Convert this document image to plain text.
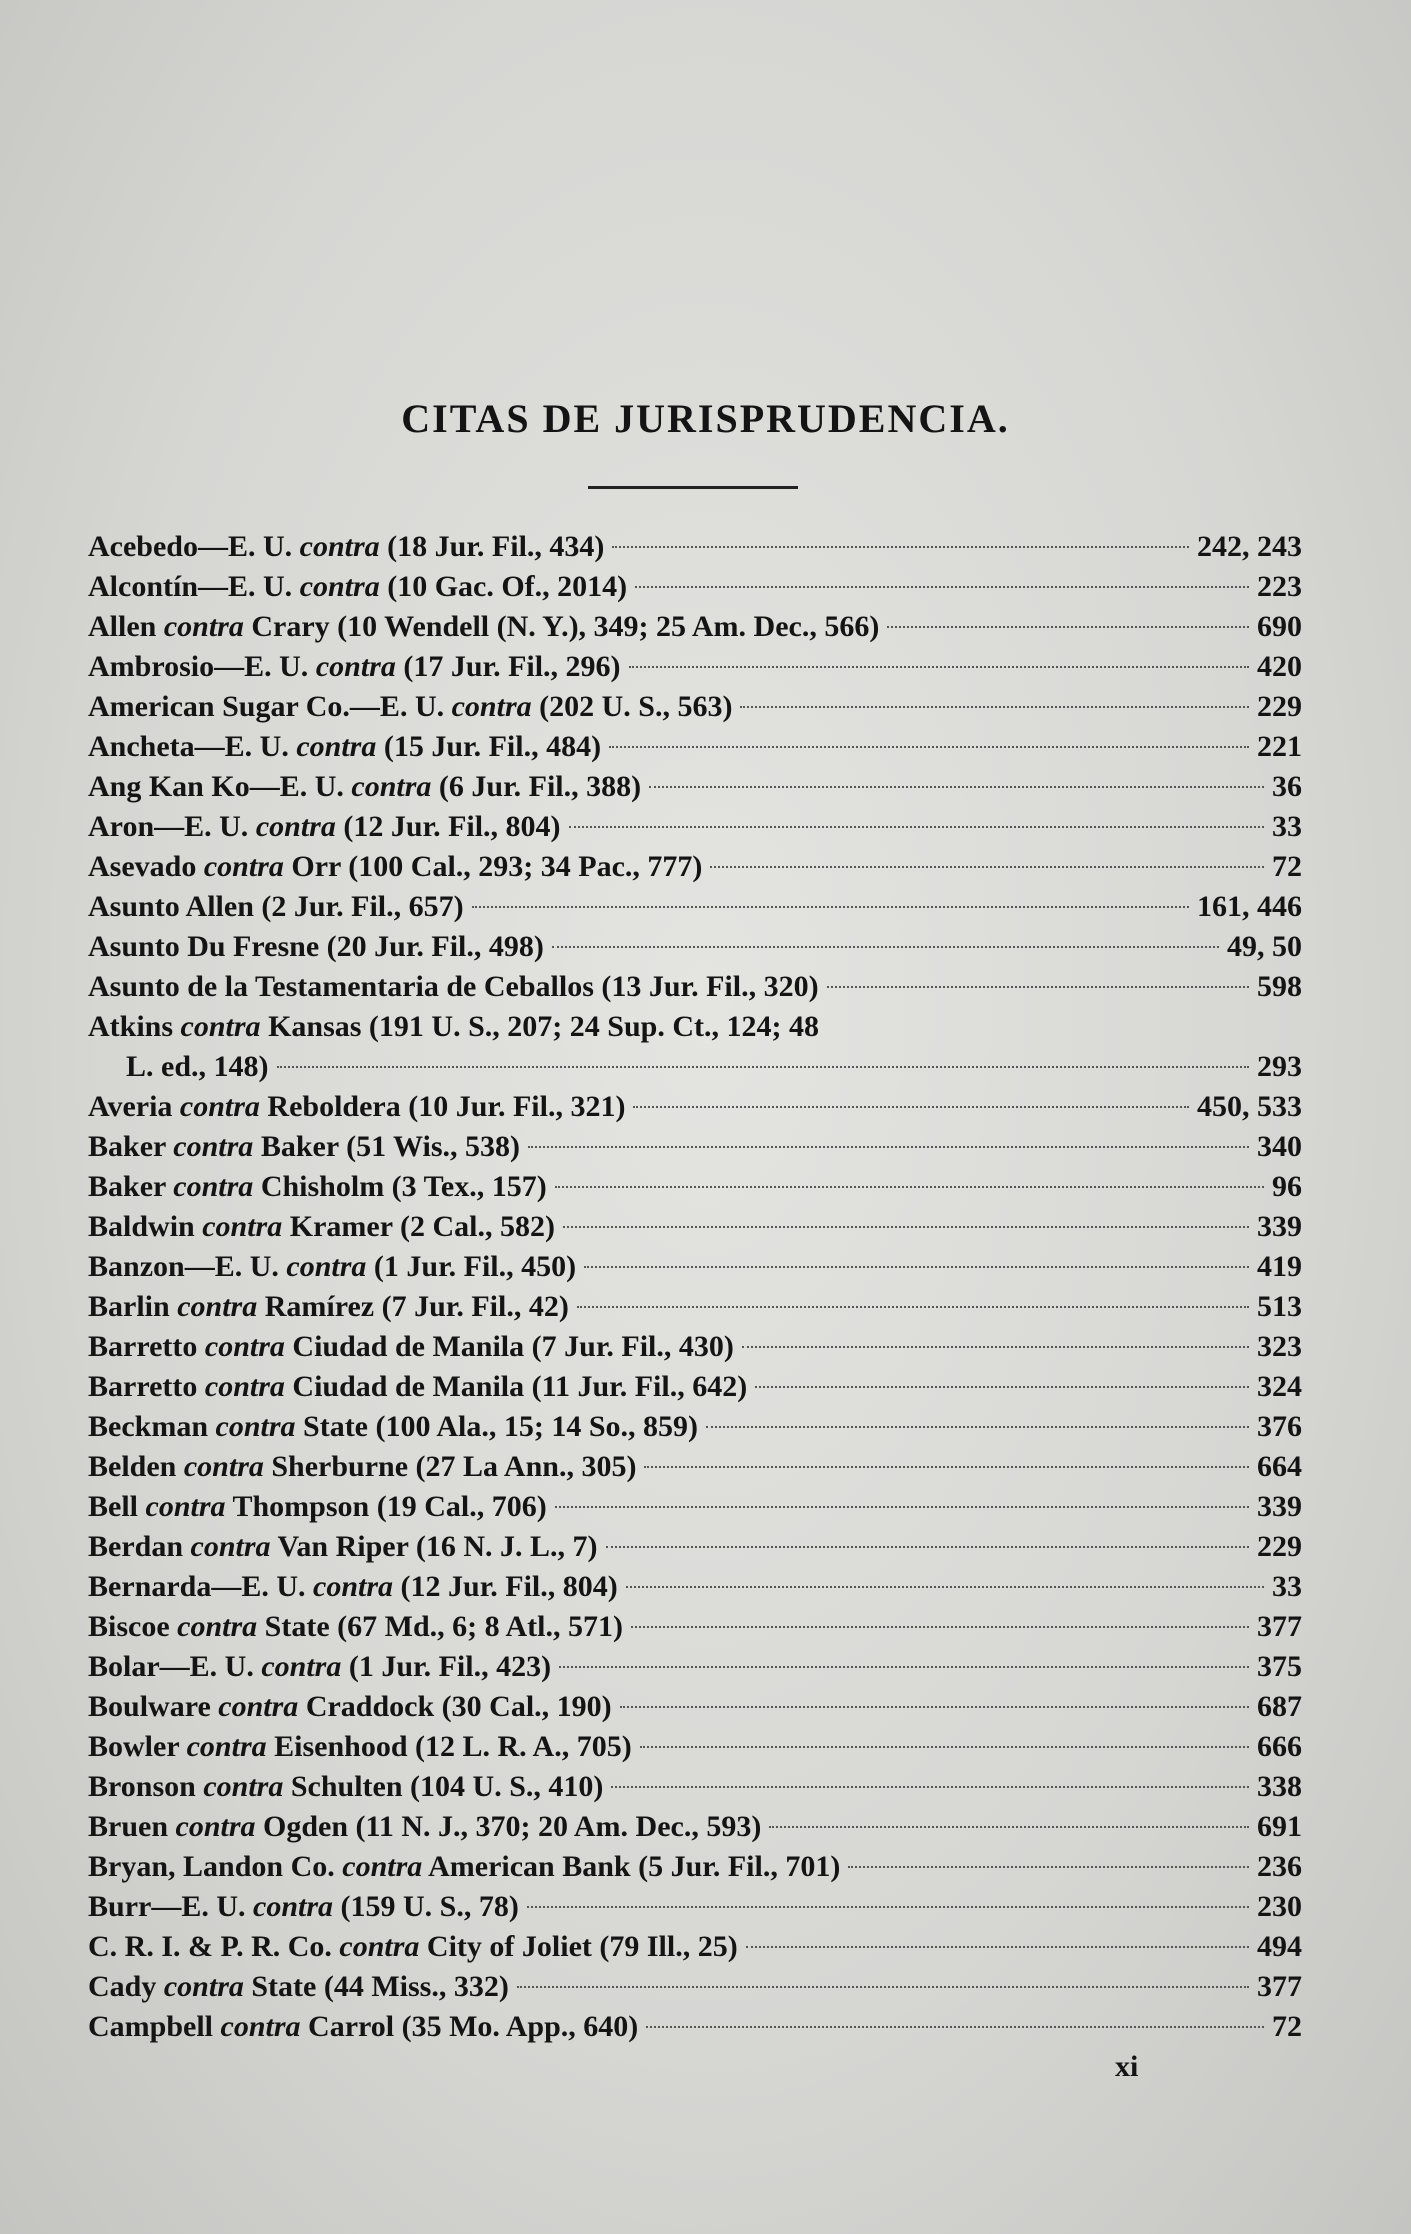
CITAS DE JURISPRUDENCIA.
Acebedo—E. U. contra (18 Jur. Fil., 434)	242, 243
Alcontín—E. U. contra (10 Gac. Of., 2014)	223
Allen contra Crary (10 Wendell (N. Y.), 349; 25 Am. Dec., 566)	690
Ambrosio—E. U. contra (17 Jur. Fil., 296)	420
American Sugar Co.—E. U. contra (202 U. S., 563)	229
Ancheta—E. U. contra (15 Jur. Fil., 484)	221
Ang Kan Ko—E. U. contra (6 Jur. Fil., 388)	36
Aron—E. U. contra (12 Jur. Fil., 804)	33
Asevado contra Orr (100 Cal., 293; 34 Pac., 777)	72
Asunto Allen (2 Jur. Fil., 657)	161, 446
Asunto Du Fresne (20 Jur. Fil., 498)	49, 50
Asunto de la Testamentaria de Ceballos (13 Jur. Fil., 320)	598
Atkins contra Kansas (191 U. S., 207; 24 Sup. Ct., 124; 48
L. ed., 148)	293
Averia contra Reboldera (10 Jur. Fil., 321)	450, 533
Baker contra Baker (51 Wis., 538)	340
Baker contra Chisholm (3 Tex., 157)	96
Baldwin contra Kramer (2 Cal., 582)	339
Banzon—E. U. contra (1 Jur. Fil., 450)	419
Barlin contra Ramírez (7 Jur. Fil., 42)	513
Barretto contra Ciudad de Manila (7 Jur. Fil., 430)	323
Barretto contra Ciudad de Manila (11 Jur. Fil., 642)	324
Beckman contra State (100 Ala., 15; 14 So., 859)	376
Belden contra Sherburne (27 La Ann., 305)	664
Bell contra Thompson (19 Cal., 706)	339
Berdan contra Van Riper (16 N. J. L., 7)	229
Bernarda—E. U. contra (12 Jur. Fil., 804)	33
Biscoe contra State (67 Md., 6; 8 Atl., 571)	377
Bolar—E. U. contra (1 Jur. Fil., 423)	375
Boulware contra Craddock (30 Cal., 190)	687
Bowler contra Eisenhood (12 L. R. A., 705)	666
Bronson contra Schulten (104 U. S., 410)	338
Bruen contra Ogden (11 N. J., 370; 20 Am. Dec., 593)	691
Bryan, Landon Co. contra American Bank (5 Jur. Fil., 701)	236
Burr—E. U. contra (159 U. S., 78)	230
C. R. I. & P. R. Co. contra City of Joliet (79 Ill., 25)	494
Cady contra State (44 Miss., 332)	377
Campbell contra Carrol (35 Mo. App., 640)	72
xi
